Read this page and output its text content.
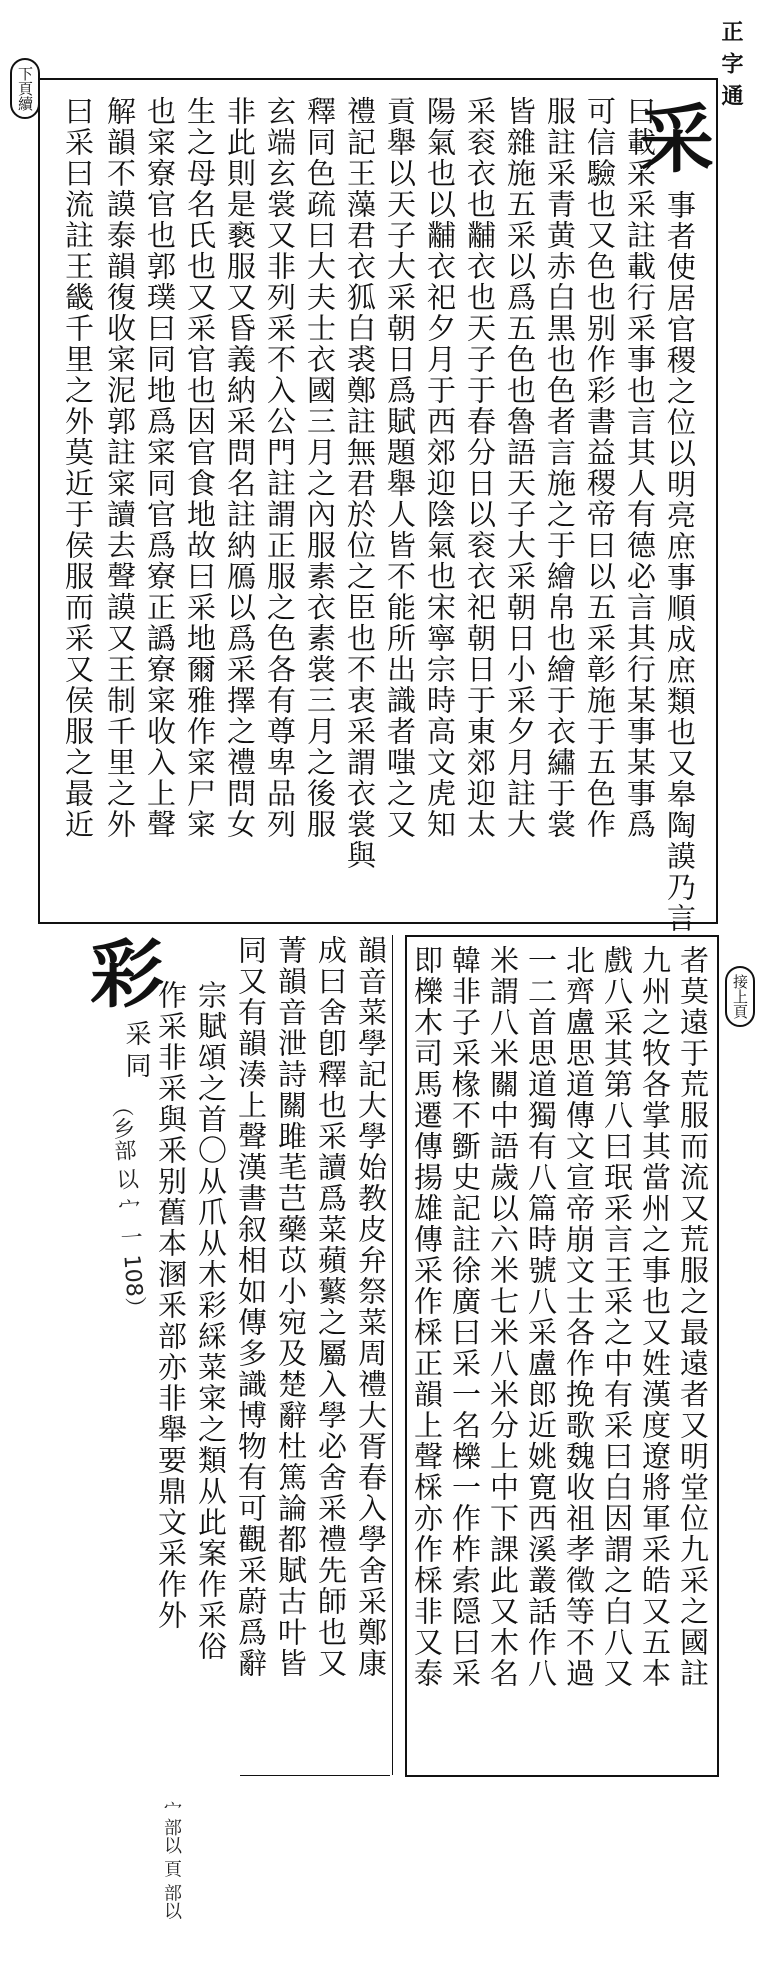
正字通
下頁續
接上頁
采
事者使居官稷之位以明亮庶事順成庶類也又皋陶謨乃言
曰載采采註載行采事也言其人有德必言其行某事某事爲
可信驗也又色也别作彩書益稷帝曰以五采彰施于五色作
服註采青黄赤白黒也色者言施之于繪帛也繪于衣繡于裳
皆雜施五采以爲五色也魯語天子大采朝日小采夕月註大
采衮衣也黼衣也天子于春分日以衮衣祀朝日于東郊迎太
陽氣也以黼衣祀夕月于西郊迎陰氣也宋寧宗時高文虎知
貢舉以天子大采朝日爲賦題舉人皆不能所出識者嗤之又
禮記王藻君衣狐白裘鄭註無君於位之臣也不衷采謂衣裳與
釋同色疏曰大夫士衣國三月之內服素衣素裳三月之後服
玄端玄裳又非列采不入公門註謂正服之色各有尊卑品列
非此則是褻服又昏義納采問名註納鴈以爲采擇之禮問女
生之母名氏也又采官也因官食地故曰采地爾雅作寀尸寀
也寀寮官也郭璞曰同地爲寀同官爲寮正譌寮寀收入上聲
解韻不謨泰韻復收寀泥郭註寀讀去聲謨又王制千里之外
曰采曰流註王畿千里之外莫近于侯服而采又侯服之最近
者莫遠于荒服而流又荒服之最遠者又明堂位九采之國註
九州之牧各掌其當州之事也又姓漢度遼將軍采皓又五本
戲八采其第八曰珉采言王采之中有采曰白因謂之白八又
北齊盧思道傳文宣帝崩文士各作挽歌魏收祖孝徵等不過
一二首思道獨有八篇時號八采盧郎近姚寛西溪叢話作八
米謂八米關中語歲以六米七米八米分上中下課此又木名
韓非子采椽不斵史記註徐廣曰采一名櫟一作柞索隠曰采
即櫟木司馬遷傳揚雄傳采作棌正韻上聲棌亦作棌非又泰
彩
采同
（乡部 以 宀 一 108）	韻音菜學記大學始教皮弁祭菜周禮大胥春入學舍采鄭康
成曰舍卽釋也采讀爲菜蘋蘩之屬入學必舍采禮先師也又
菁韻音泄詩關雎芼芑藥苡小宛及楚辭杜篤論都賦古叶皆
同又有韻湊上聲漢書叙相如傳多識博物有可觀采蔚爲辭
宗賦頌之首〇从爪从木彩綵菜寀之類从此案作采俗
作采非采與釆别舊本溷釆部亦非舉要鼎文采作外
宀部以 頁 部以
